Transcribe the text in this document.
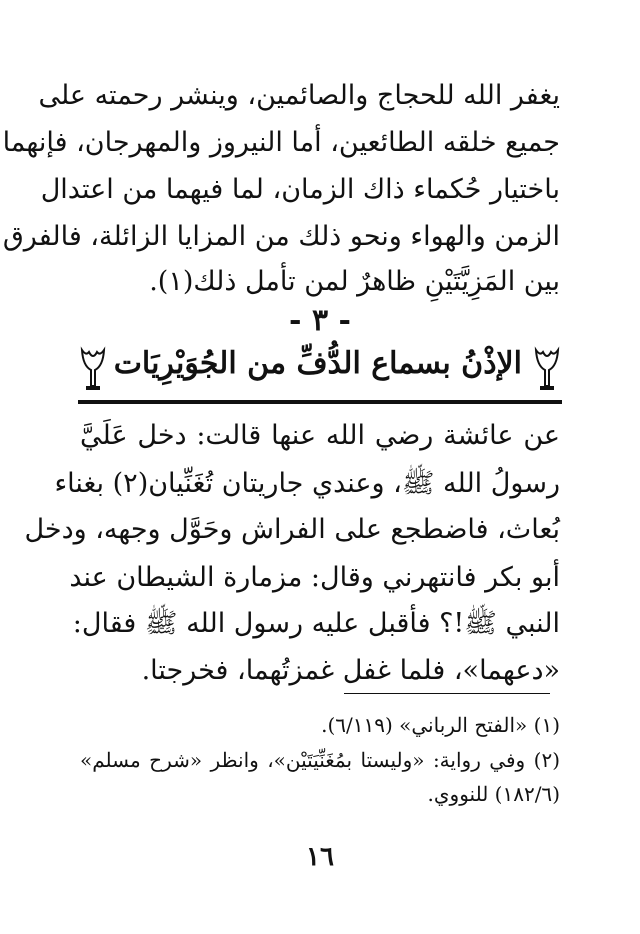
يغفر الله للحجاج والصائمين، وينشر رحمته على
جميع خلقه الطائعين، أما النيروز والمهرجان، فإنهما
باختيار حُكماء ذاك الزمان، لما فيهما من اعتدال
الزمن والهواء ونحو ذلك من المزايا الزائلة، فالفرق
بين المَزِيَّتَيْنِ ظاهرٌ لمن تأمل ذلك(١).
- ٣ -
الإذْنُ بسماع الدُّفِّ من الجُوَيْرِيَات
عن عائشة رضي الله عنها قالت: دخل عَلَيَّ
رسولُ الله ﷺ، وعندي جاريتان تُغَنِّيان(٢) بغناء
بُعاث، فاضطجع على الفراش وحَوَّل وجهه، ودخل
أبو بكر فانتهرني وقال: مزمارة الشيطان عند
النبي ﷺ!؟ فأقبل عليه رسول الله ﷺ فقال:
«دعهما»، فلما غفل غمزتُهما، فخرجتا.
(١) «الفتح الرباني» (٦/١١٩).
(٢) وفي رواية: «وليستا بمُغَنِّيَتَيْن»، وانظر «شرح مسلم»
(١٨٢/٦) للنووي.
١٦
